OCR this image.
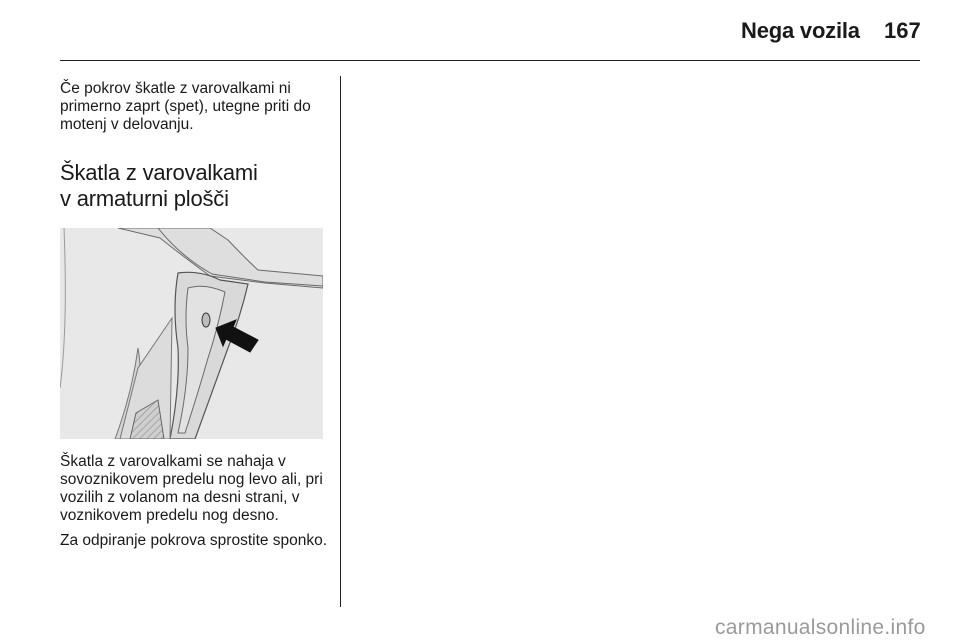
Nega vozila 167

Če pokrov škatle z varovalkami ni primerno zaprt (spet), utegne priti do motenj v delovanju.

Škatla z varovalkami
v armaturni plošči

Škatla z varovalkami se nahaja v sovoznikovem predelu nog levo ali, pri vozilih z volanom na desni strani, v voznikovem predelu nog desno.

Za odpiranje pokrova sprostite sponko.

carmanualsonline.info
